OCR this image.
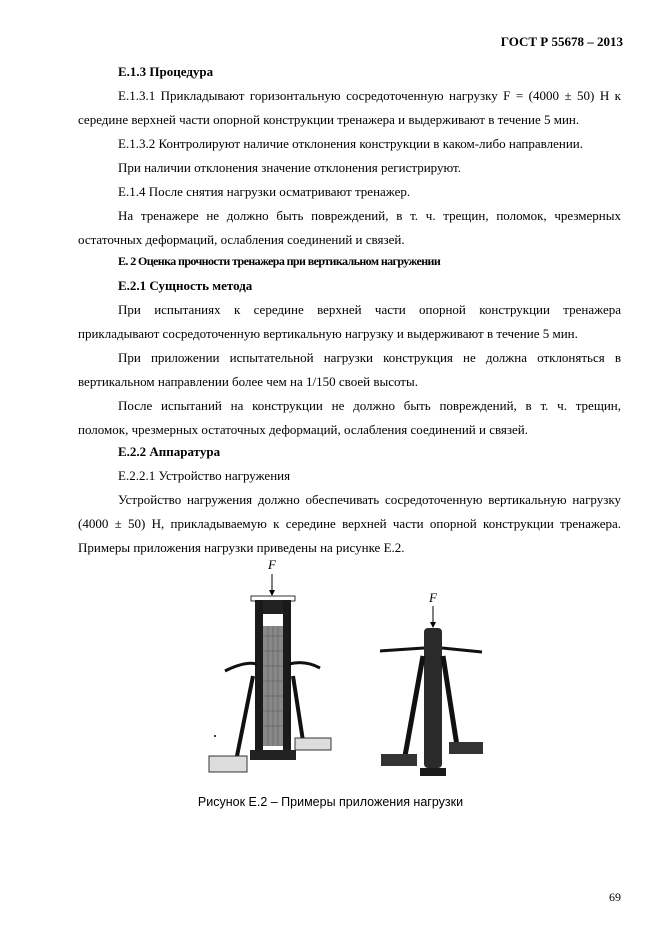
ГОСТ Р 55678 – 2013
Е.1.3 Процедура

Е.1.3.1 Прикладывают горизонтальную сосредоточенную нагрузку F = (4000 ± 50) Н к

середине верхней части опорной конструкции тренажера и выдерживают в течение 5 мин.

Е.1.3.2 Контролируют наличие отклонения конструкции в каком-либо направлении.

При наличии отклонения значение отклонения регистрируют.

Е.1.4 После снятия нагрузки осматривают тренажер.

На тренажере не должно быть повреждений, в т. ч. трещин, поломок, чрезмерных

остаточных деформаций, ослабления соединений и связей.

Е. 2 Оценка прочности тренажера при вертикальном нагружении
Е.2.1 Сущность метода

При испытаниях к середине верхней части опорной конструкции тренажера

прикладывают сосредоточенную вертикальную нагрузку и выдерживают в течение 5 мин.

При приложении испытательной нагрузки конструкция не должна отклоняться в

вертикальном направлении более чем на 1/150 своей высоты.

После испытаний на конструкции не должно быть повреждений, в т. ч. трещин,

поломок, чрезмерных остаточных деформаций, ослабления соединений и связей.

Е.2.2 Аппаратура

Е.2.2.1 Устройство нагружения

Устройство нагружения должно обеспечивать сосредоточенную вертикальную нагрузку

(4000 ± 50) Н, прикладываемую к середине верхней части опорной конструкции тренажера.

Примеры приложения нагрузки приведены на рисунке Е.2.

F
F
Рисунок Е.2 – Примеры приложения нагрузки
69
